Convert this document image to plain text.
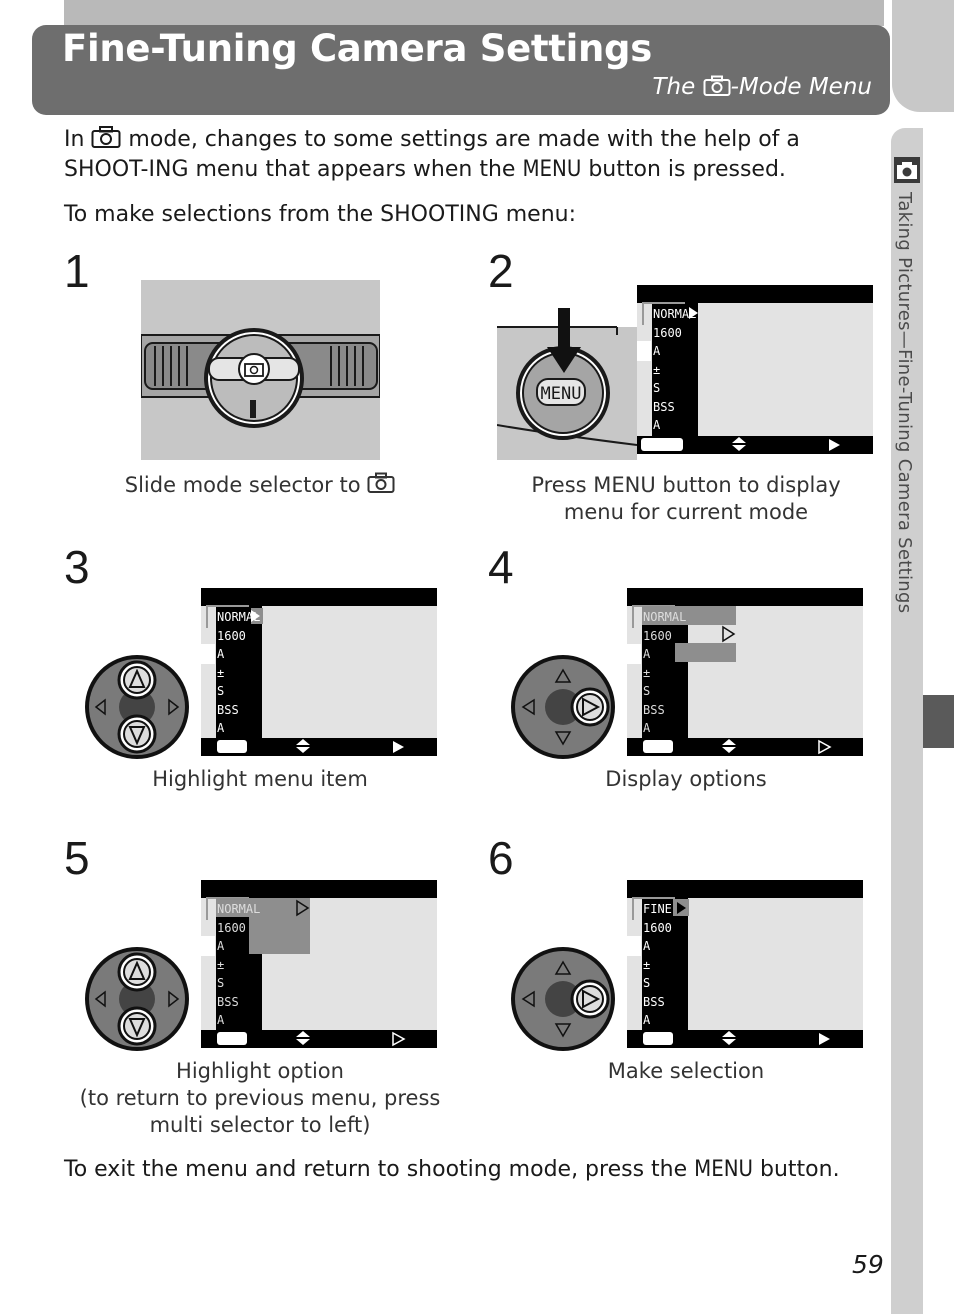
Fine-Tuning Camera Settings
The -Mode Menu
Taking Pictures—Fine-Tuning Camera Settings
In  mode, changes to some settings are made with the help of a SHOOT-ING menu that appears when the MENU button is pressed.
To make selections from the SHOOTING menu:
1	2
3	4
5	6
Slide mode selector to
MENU
NORMAL
1600
A
±
S
BSS
A
Press MENU button to display
menu for current mode
NORMAL
1600
A
±
S
BSS
A
Highlight menu item
NORMAL
1600
A
±
S
BSS
A
Display options
NORMAL
1600
A
±
S
BSS
A
Highlight option
(to return to previous menu, press
multi selector to left)
FINE
1600
A
±
S
BSS
A
Make selection
To exit the menu and return to shooting mode, press the MENU button.
59
